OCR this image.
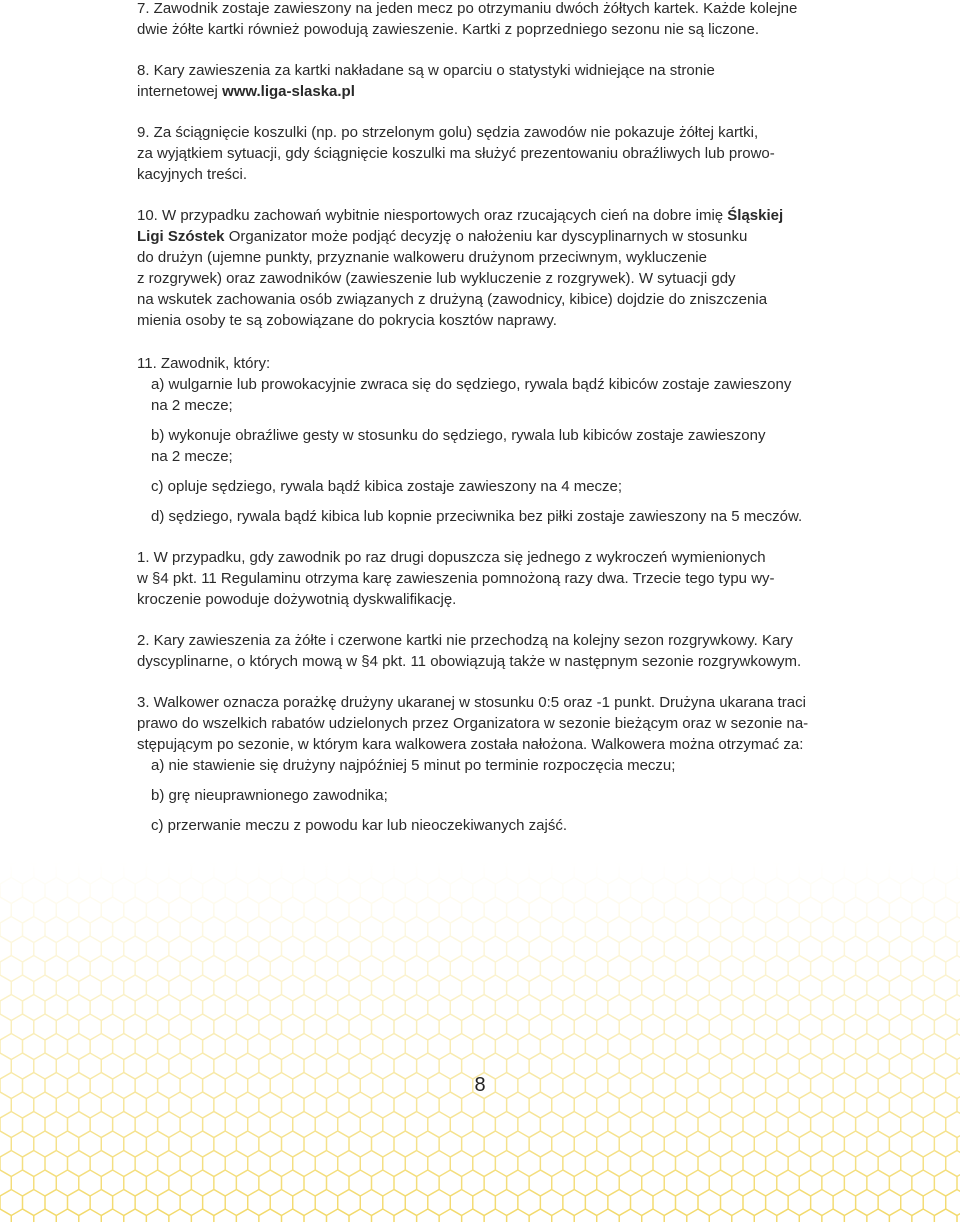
7. Zawodnik zostaje zawieszony na jeden mecz po otrzymaniu dwóch żółtych kartek. Każde kolejne
dwie żółte kartki również powodują zawieszenie. Kartki z poprzedniego sezonu nie są liczone.

8. Kary zawieszenia za kartki nakładane są w oparciu o statystyki widniejące na stronie
internetowej www.liga-slaska.pl

9. Za ściągnięcie koszulki (np. po strzelonym golu) sędzia zawodów nie pokazuje żółtej kartki,
za wyjątkiem sytuacji, gdy ściągnięcie koszulki ma służyć prezentowaniu obraźliwych lub prowo-
kacyjnych treści.

10. W przypadku zachowań wybitnie niesportowych oraz rzucających cień na dobre imię Śląskiej
Ligi Szóstek Organizator może podjąć decyzję o nałożeniu kar dyscyplinarnych w stosunku
do drużyn (ujemne punkty, przyznanie walkoweru drużynom przeciwnym, wykluczenie
z rozgrywek) oraz zawodników (zawieszenie lub wykluczenie z rozgrywek). W sytuacji gdy
na wskutek zachowania osób związanych z drużyną (zawodnicy, kibice) dojdzie do zniszczenia
mienia osoby te są zobowiązane do pokrycia kosztów naprawy.

11. Zawodnik, który:

a) wulgarnie lub prowokacyjnie zwraca się do sędziego, rywala bądź kibiców zostaje zawieszony
na 2 mecze;

b) wykonuje obraźliwe gesty w stosunku do sędziego, rywala lub kibiców zostaje zawieszony
na 2 mecze;

c) opluje sędziego, rywala bądź kibica zostaje zawieszony na 4 mecze;

d) sędziego, rywala bądź kibica lub kopnie przeciwnika bez piłki zostaje zawieszony na 5 meczów.

1. W przypadku, gdy zawodnik po raz drugi dopuszcza się jednego z wykroczeń wymienionych
w §4 pkt. 11 Regulaminu otrzyma karę zawieszenia pomnożoną razy dwa. Trzecie tego typu wy-
kroczenie powoduje dożywotnią dyskwalifikację.

2. Kary zawieszenia za żółte i czerwone kartki nie przechodzą na kolejny sezon rozgrywkowy. Kary
dyscyplinarne, o których mową w §4 pkt. 11 obowiązują także w następnym sezonie rozgrywkowym.

3. Walkower oznacza porażkę drużyny ukaranej w stosunku 0:5 oraz -1 punkt. Drużyna ukarana traci
prawo do wszelkich rabatów udzielonych przez Organizatora w sezonie bieżącym oraz w sezonie na-
stępującym po sezonie, w którym kara walkowera została nałożona. Walkowera można otrzymać za:

a) nie stawienie się drużyny najpóźniej 5 minut po terminie rozpoczęcia meczu;

b) grę nieuprawnionego zawodnika;

c) przerwanie meczu z powodu kar lub nieoczekiwanych zajść.

8
